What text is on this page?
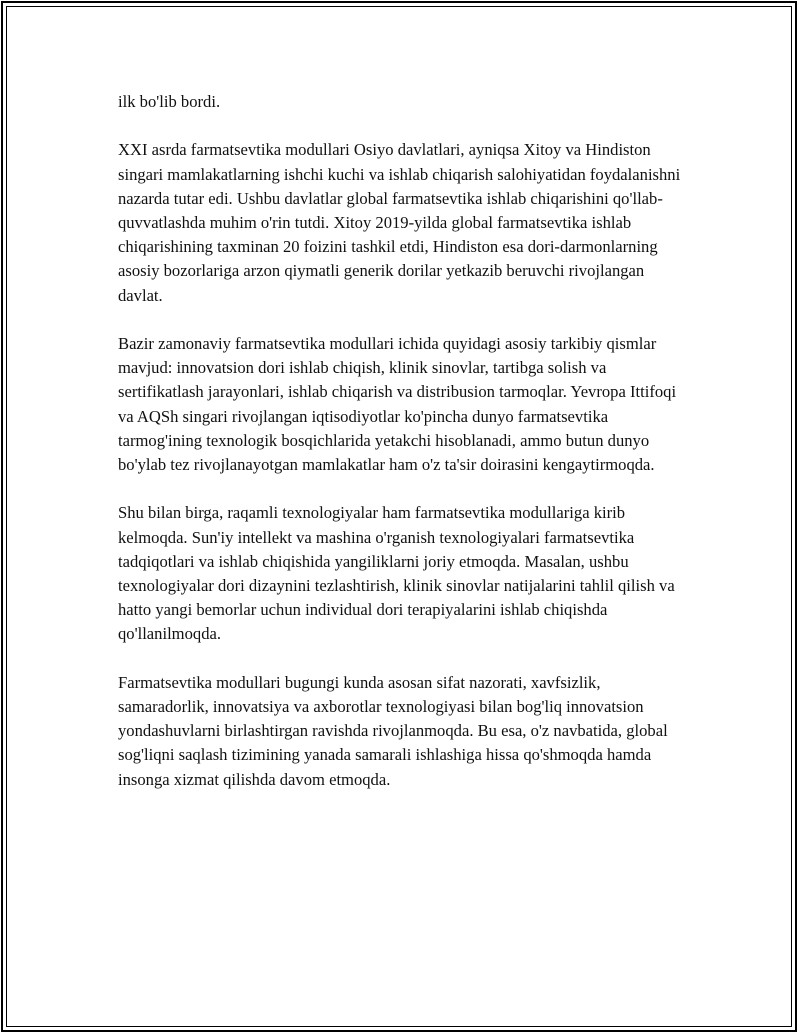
ilk bo'lib bordi.

XXI asrda farmatsevtika modullari Osiyo davlatlari, ayniqsa Xitoy va Hindiston singari mamlakatlarning ishchi kuchi va ishlab chiqarish salohiyatidan foydalanishni nazarda tutar edi. Ushbu davlatlar global farmatsevtika ishlab chiqarishini qo'llab-quvvatlashda muhim o'rin tutdi. Xitoy 2019-yilda global farmatsevtika ishlab chiqarishining taxminan 20 foizini tashkil etdi, Hindiston esa dori-darmonlarning asosiy bozorlariga arzon qiymatli generik dorilar yetkazib beruvchi rivojlangan davlat.

Bazir zamonaviy farmatsevtika modullari ichida quyidagi asosiy tarkibiy qismlar mavjud: innovatsion dori ishlab chiqish, klinik sinovlar, tartibga solish va sertifikatlash jarayonlari, ishlab chiqarish va distribusion tarmoqlar. Yevropa Ittifoqi va AQSh singari rivojlangan iqtisodiyotlar ko'pincha dunyo farmatsevtika tarmog'ining texnologik bosqichlarida yetakchi hisoblanadi, ammo butun dunyo bo'ylab tez rivojlanayotgan mamlakatlar ham o'z ta'sir doirasini kengaytirmoqda.

Shu bilan birga, raqamli texnologiyalar ham farmatsevtika modullariga kirib kelmoqda. Sun'iy intellekt va mashina o'rganish texnologiyalari farmatsevtika tadqiqotlari va ishlab chiqishida yangiliklarni joriy etmoqda. Masalan, ushbu texnologiyalar dori dizaynini tezlashtirish, klinik sinovlar natijalarini tahlil qilish va hatto yangi bemorlar uchun individual dori terapiyalarini ishlab chiqishda qo'llanilmoqda.

Farmatsevtika modullari bugungi kunda asosan sifat nazorati, xavfsizlik, samaradorlik, innovatsiya va axborotlar texnologiyasi bilan bog'liq innovatsion yondashuvlarni birlashtirgan ravishda rivojlanmoqda. Bu esa, o'z navbatida, global sog'liqni saqlash tizimining yanada samarali ishlashiga hissa qo'shmoqda hamda insonga xizmat qilishda davom etmoqda.
